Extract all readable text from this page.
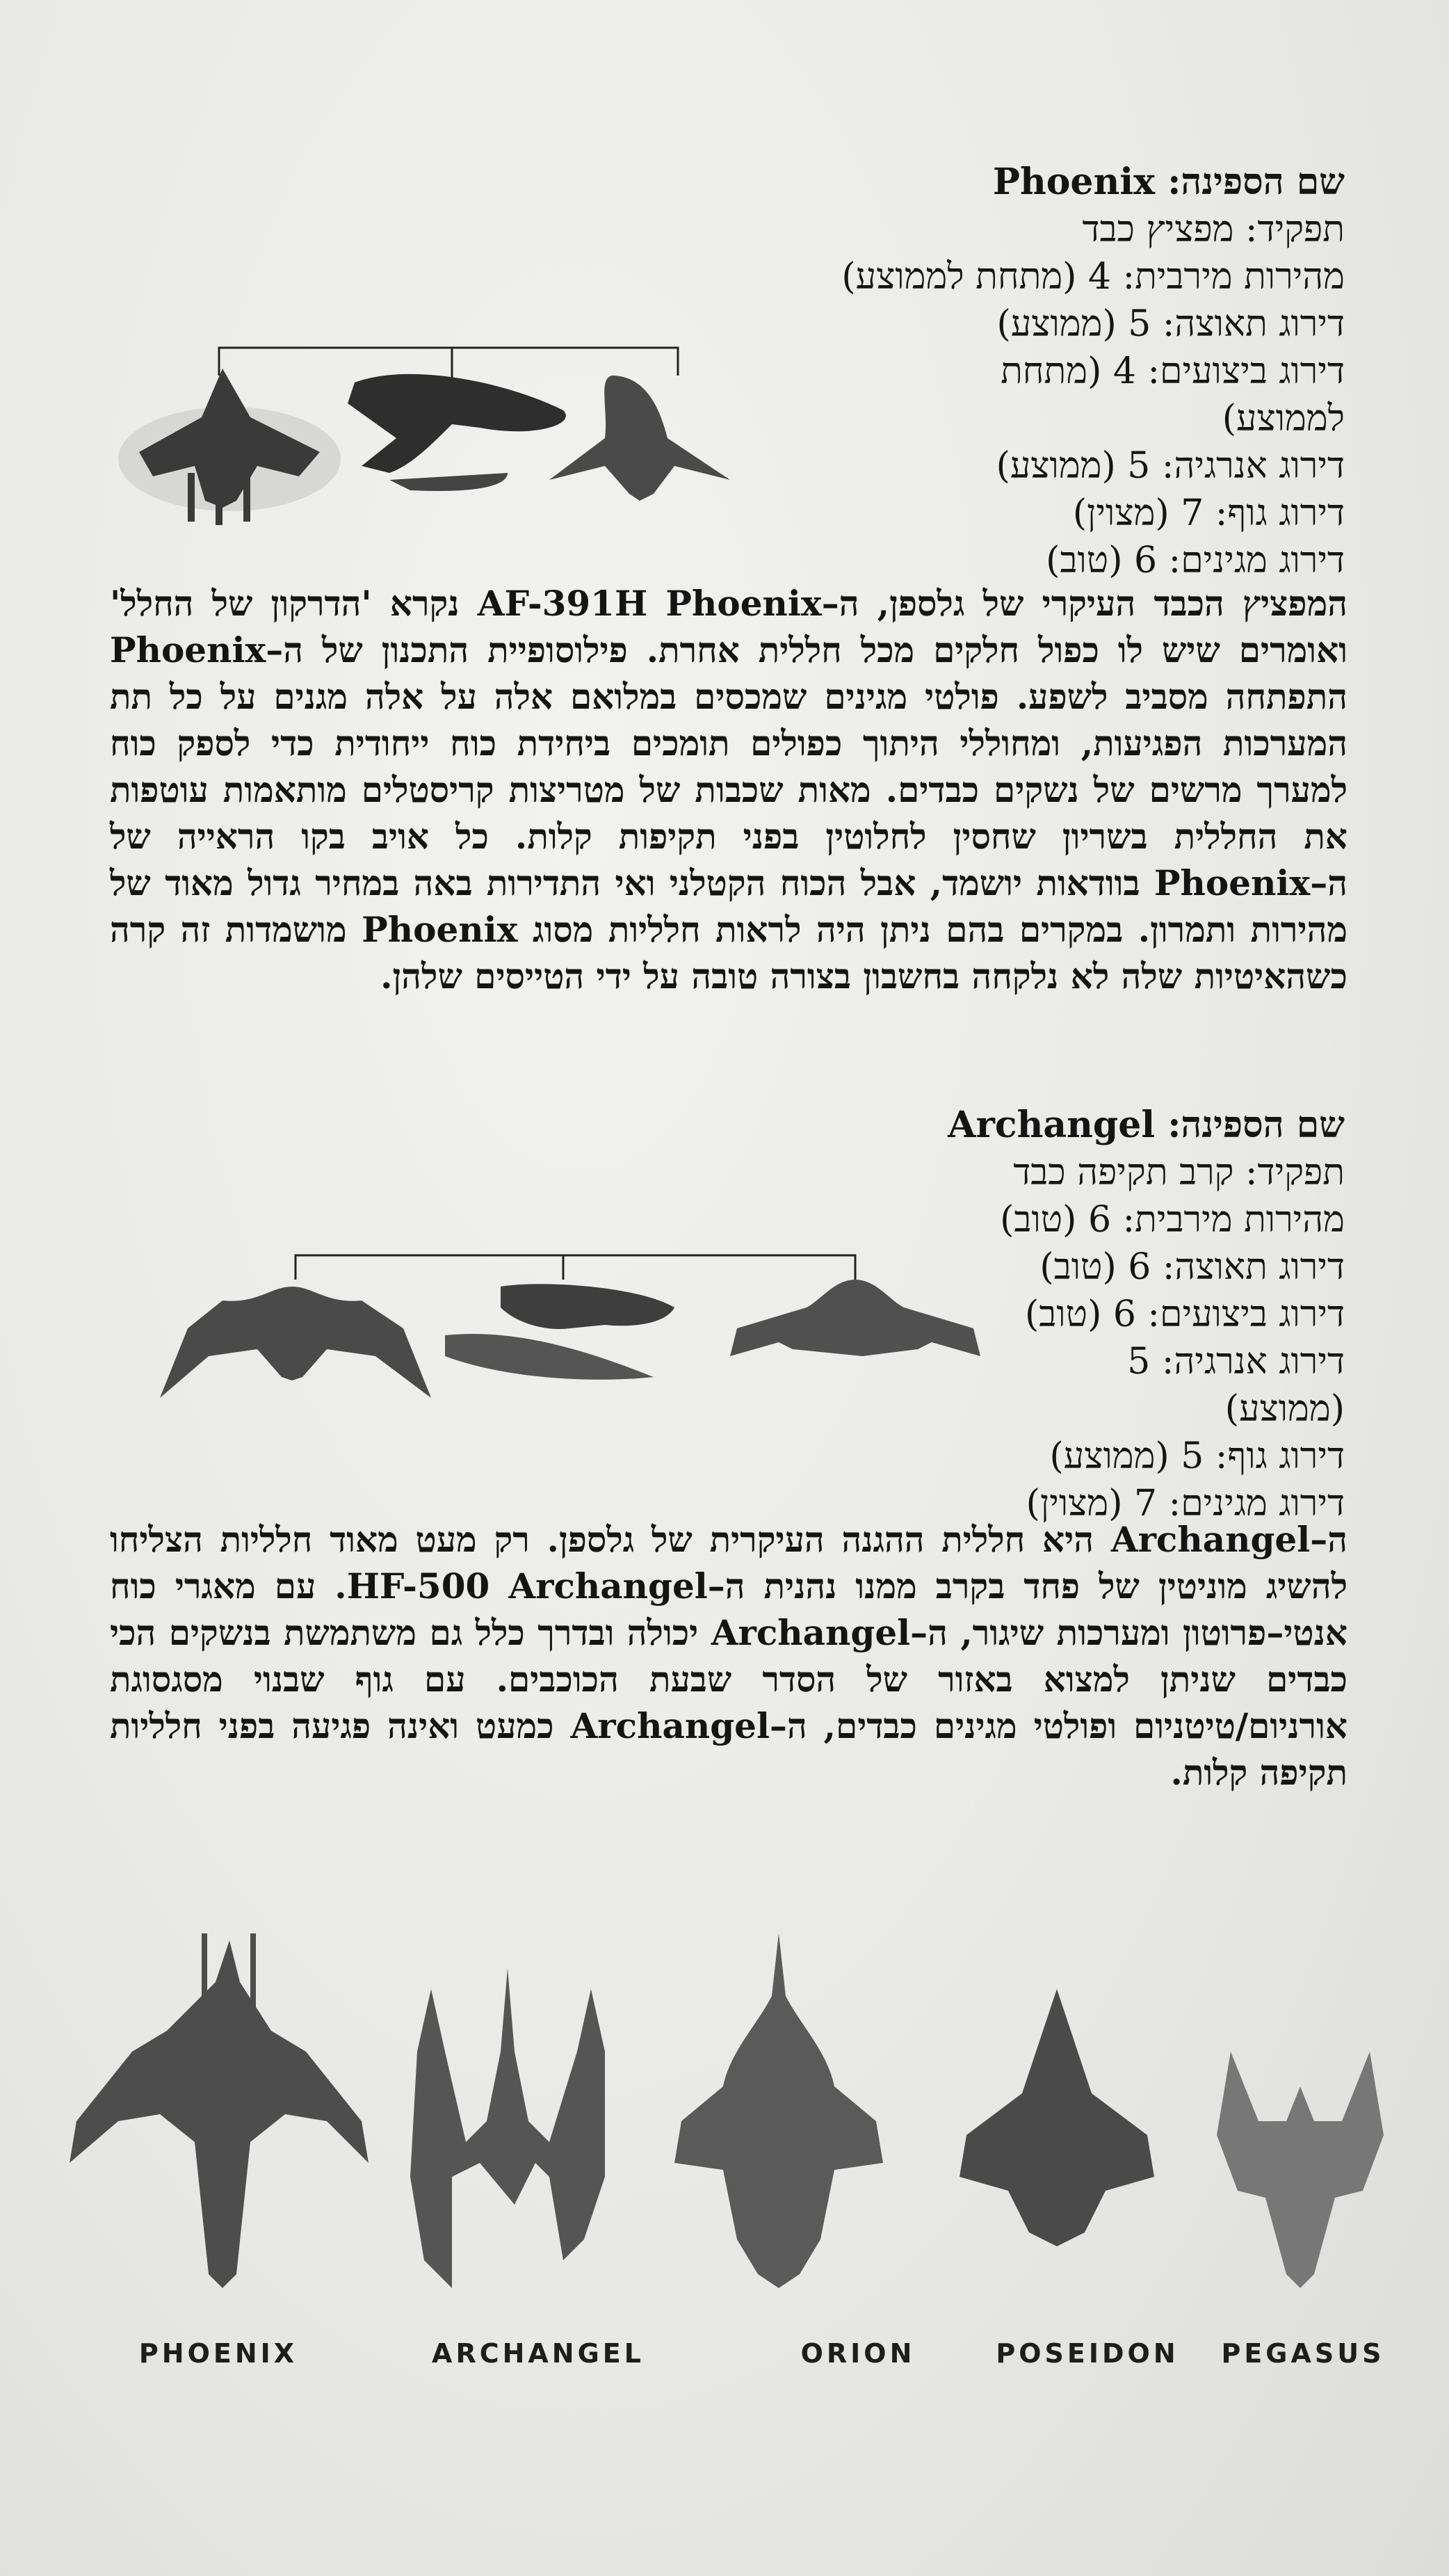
שם הספינה: Phoenix
תפקיד: מפציץ כבד
מהירות מירבית: 4 (מתחת לממוצע)
דירוג תאוצה: 5 (ממוצע)
דירוג ביצועים: 4 (מתחת
לממוצע)
דירוג אנרגיה: 5 (ממוצע)
דירוג גוף: 7 (מצוין)
דירוג מגינים: 6 (טוב)
המפציץ הכבד העיקרי של גלספן, ה–AF-391H Phoenix נקרא 'הדרקון של החלל' ואומרים שיש לו כפול חלקים מכל חללית אחרת. פילוסופיית התכנון של ה–Phoenix התפתחה מסביב לשפע. פולטי מגינים שמכסים במלואם אלה על אלה מגנים על כל תת המערכות הפגיעות, ומחוללי היתוך כפולים תומכים ביחידת כוח ייחודית כדי לספק כוח למערך מרשים של נשקים כבדים. מאות שכבות של מטריצות קריסטלים מותאמות עוטפות את החללית בשריון שחסין לחלוטין בפני תקיפות קלות. כל אויב בקו הראייה של ה–Phoenix בוודאות יושמד, אבל הכוח הקטלני ואי התדירות באה במחיר גדול מאוד של מהירות ותמרון. במקרים בהם ניתן היה לראות חלליות מסוג Phoenix מושמדות זה קרה כשהאיטיות שלה לא נלקחה בחשבון בצורה טובה על ידי הטייסים שלהן.
שם הספינה: Archangel
תפקיד: קרב תקיפה כבד
מהירות מירבית: 6 (טוב)
דירוג תאוצה: 6 (טוב)
דירוג ביצועים: 6 (טוב)
דירוג אנרגיה: 5
(ממוצע)
דירוג גוף: 5 (ממוצע)
דירוג מגינים: 7 (מצוין)
ה–Archangel היא חללית ההגנה העיקרית של גלספן. רק מעט מאוד חלליות הצליחו להשיג מוניטין של פחד בקרב ממנו נהנית ה–HF-500 Archangel. עם מאגרי כוח אנטי–פרוטון ומערכות שיגור, ה–Archangel יכולה ובדרך כלל גם משתמשת בנשקים הכי כבדים שניתן למצוא באזור של הסדר שבעת הכוכבים. עם גוף שבנוי מסגסוגת אורניום/טיטניום ופולטי מגינים כבדים, ה–Archangel כמעט ואינה פגיעה בפני חלליות תקיפה קלות.
PHOENIX	ARCHANGEL	ORION	POSEIDON	PEGASUS
